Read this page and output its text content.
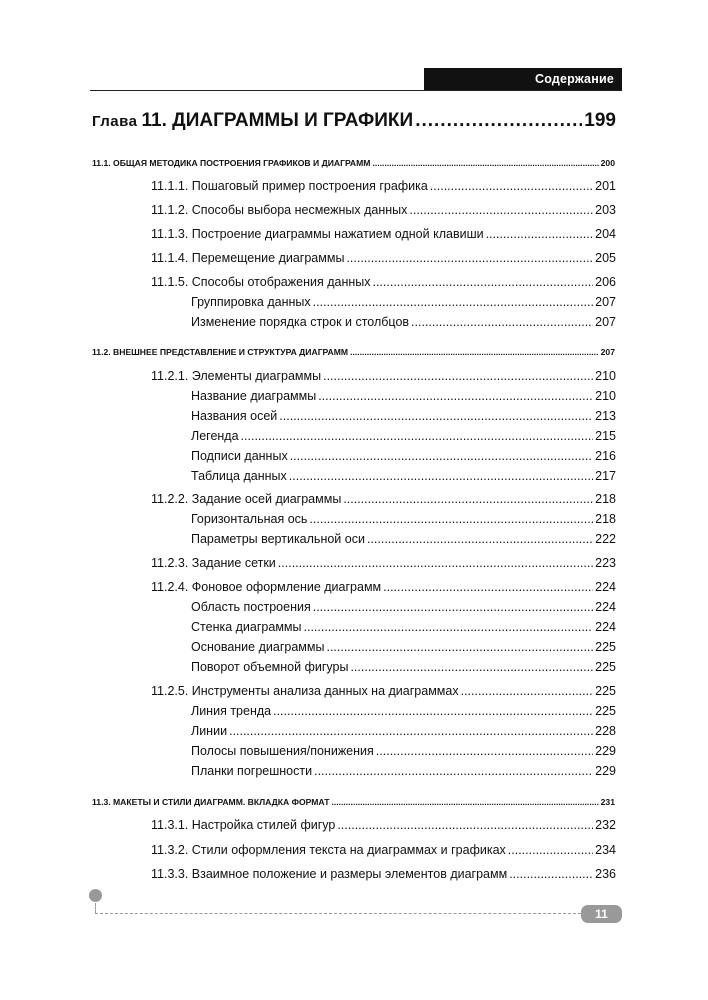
Содержание
Глава 11.
ДИАГРАММЫ И ГРАФИКИ .....	199
11.1. ОБЩАЯ МЕТОДИКА ПОСТРОЕНИЯ ГРАФИКОВ И ДИАГРАММ .....	200
11.1.1. Пошаговый пример построения графика .....	201
11.1.2. Способы выбора несмежных данных .....	203
11.1.3. Построение диаграммы нажатием одной клавиши .....	204
11.1.4. Перемещение диаграммы .....	205
11.1.5. Способы отображения данных .....	206
Группировка данных .....	207
Изменение порядка строк и столбцов .....	207
11.2. ВНЕШНЕЕ ПРЕДСТАВЛЕНИЕ И СТРУКТУРА ДИАГРАММ .....	207
11.2.1. Элементы диаграммы .....	210
Название диаграммы .....	210
Названия осей .....	213
Легенда .....	215
Подписи данных .....	216
Таблица данных .....	217
11.2.2. Задание осей диаграммы .....	218
Горизонтальная ось .....	218
Параметры вертикальной оси .....	222
11.2.3. Задание сетки .....	223
11.2.4. Фоновое оформление диаграмм .....	224
Область построения .....	224
Стенка диаграммы .....	224
Основание диаграммы .....	225
Поворот объемной фигуры .....	225
11.2.5. Инструменты анализа данных на диаграммах .....	225
Линия тренда .....	225
Линии .....	228
Полосы повышения/понижения .....	229
Планки погрешности .....	229
11.3. МАКЕТЫ И СТИЛИ ДИАГРАММ. ВКЛАДКА ФОРМАТ .....	231
11.3.1. Настройка стилей фигур .....	232
11.3.2. Стили оформления текста на диаграммах и графиках .....	234
11.3.3. Взаимное положение и размеры элементов диаграмм .....	236
11
